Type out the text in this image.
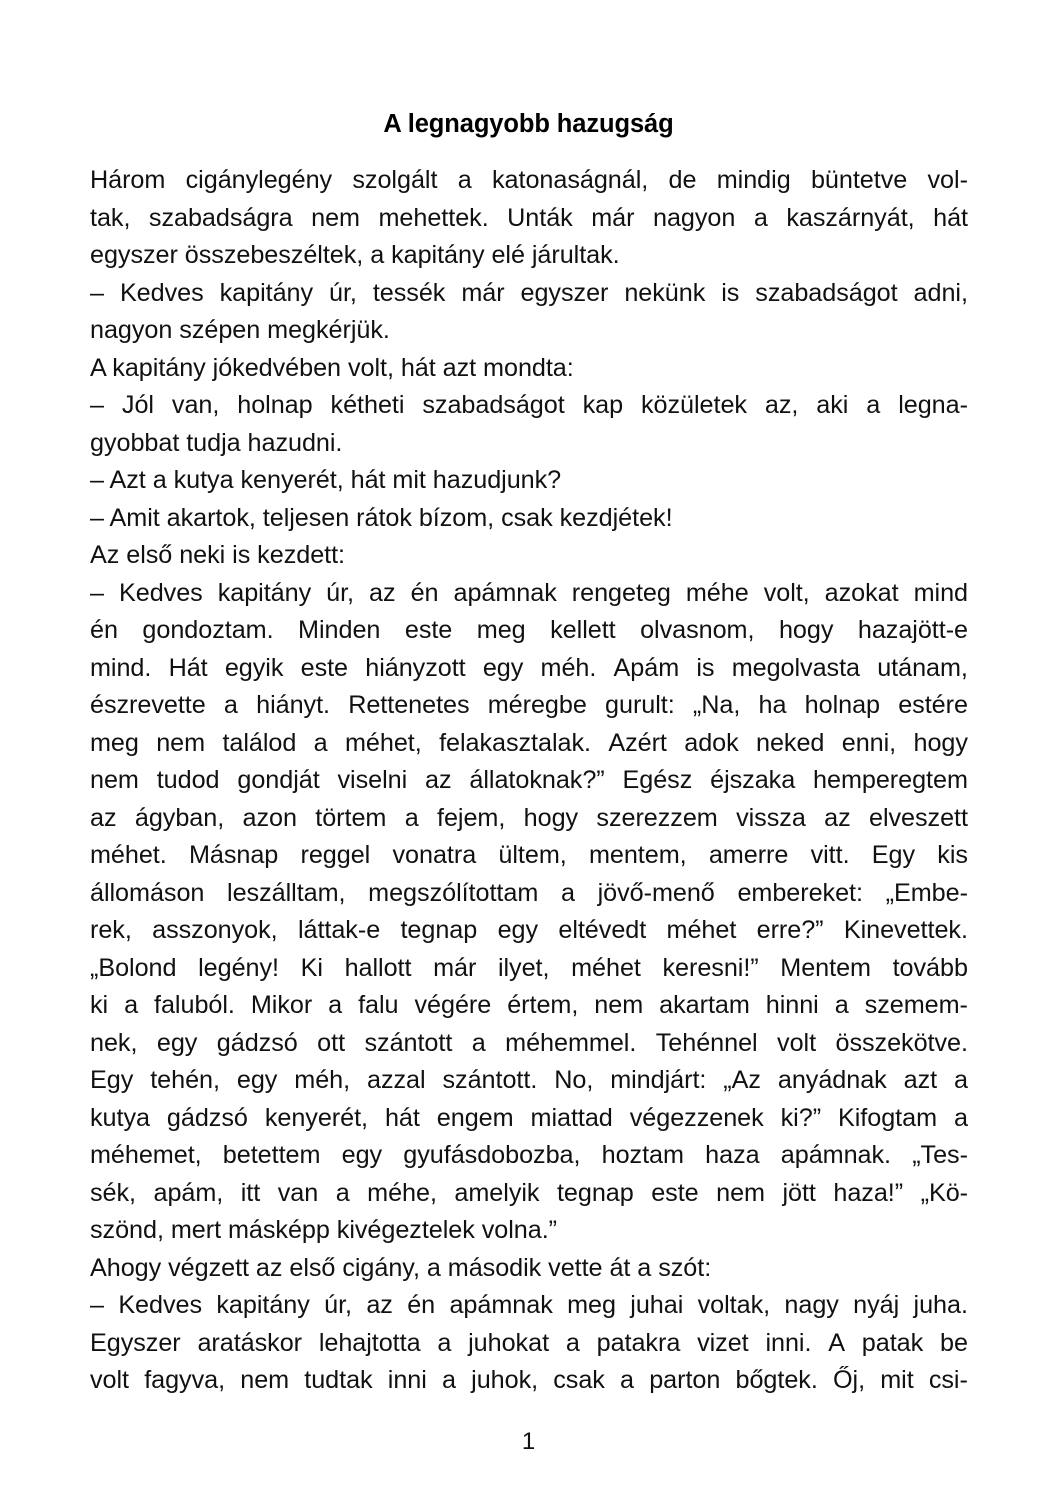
A legnagyobb hazugság
Három cigánylegény szolgált a katonaságnál, de mindig büntetve vol-
tak, szabadságra nem mehettek. Unták már nagyon a kaszárnyát, hát
egyszer összebeszéltek, a kapitány elé járultak.
– Kedves kapitány úr, tessék már egyszer nekünk is szabadságot adni,
nagyon szépen megkérjük.
A kapitány jókedvében volt, hát azt mondta:
– Jól van, holnap kétheti szabadságot kap közületek az, aki a legna-
gyobbat tudja hazudni.
– Azt a kutya kenyerét, hát mit hazudjunk?
– Amit akartok, teljesen rátok bízom, csak kezdjétek!
Az első neki is kezdett:
– Kedves kapitány úr, az én apámnak rengeteg méhe volt, azokat mind
én gondoztam. Minden este meg kellett olvasnom, hogy hazajött-e
mind. Hát egyik este hiányzott egy méh. Apám is megolvasta utánam,
észrevette a hiányt. Rettenetes méregbe gurult: „Na, ha holnap estére
meg nem találod a méhet, felakasztalak. Azért adok neked enni, hogy
nem tudod gondját viselni az állatoknak?” Egész éjszaka hemperegtem
az ágyban, azon törtem a fejem, hogy szerezzem vissza az elveszett
méhet. Másnap reggel vonatra ültem, mentem, amerre vitt. Egy kis
állomáson leszálltam, megszólítottam a jövő-menő embereket: „Embe-
rek, asszonyok, láttak-e tegnap egy eltévedt méhet erre?” Kinevettek.
„Bolond legény! Ki hallott már ilyet, méhet keresni!” Mentem tovább
ki a faluból. Mikor a falu végére értem, nem akartam hinni a szemem-
nek, egy gádzsó ott szántott a méhemmel. Tehénnel volt összekötve.
Egy tehén, egy méh, azzal szántott. No, mindjárt: „Az anyádnak azt a
kutya gádzsó kenyerét, hát engem miattad végezzenek ki?” Kifogtam a
méhemet, betettem egy gyufásdobozba, hoztam haza apámnak. „Tes-
sék, apám, itt van a méhe, amelyik tegnap este nem jött haza!” „Kö-
szönd, mert másképp kivégeztelek volna.”
Ahogy végzett az első cigány, a második vette át a szót:
– Kedves kapitány úr, az én apámnak meg juhai voltak, nagy nyáj juha.
Egyszer aratáskor lehajtotta a juhokat a patakra vizet inni. A patak be
volt fagyva, nem tudtak inni a juhok, csak a parton bőgtek. Őj, mit csi-
1
